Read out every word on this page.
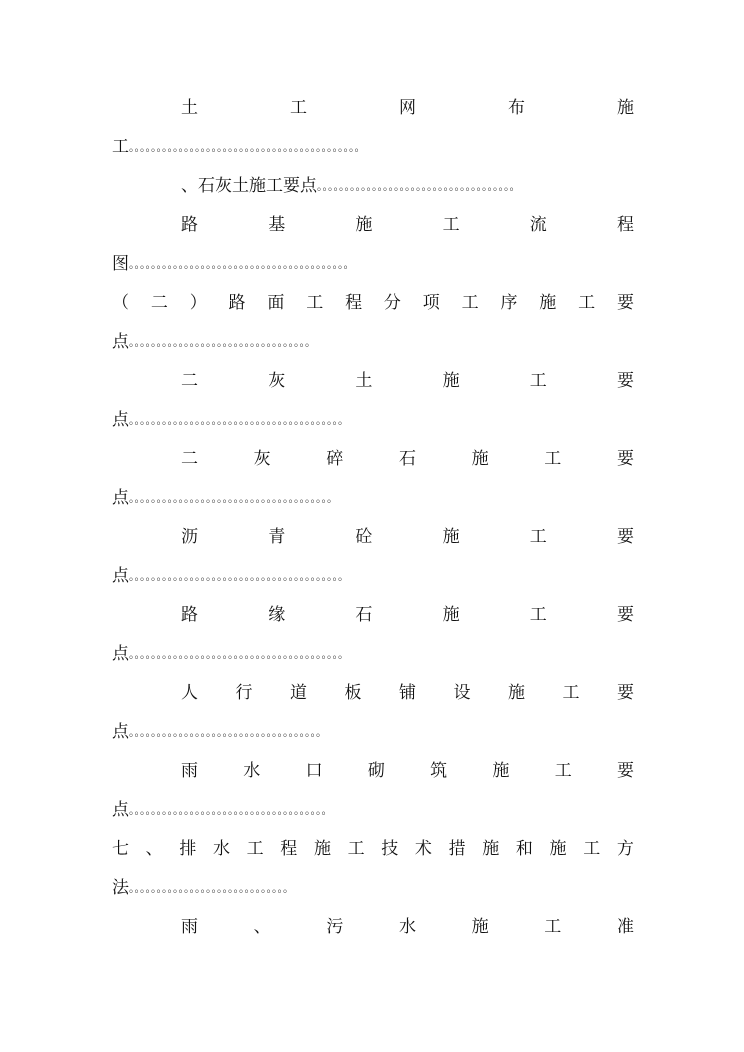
土	工	网	布	施
工。。。。。。。。。。。。。。。。。。。。。。。。。。。。。。。。。。。。。。。。。。
、石灰土施工要点。。。。。。。。。。。。。。。。。。。。。。。。。。。。。。。。。。。。
路	基	施	工	流	程
图。。。。。。。。。。。。。。。。。。。。。。。。。。。。。。。。。。。。。。。。
（ 二 ） 路 面 工 程 分 项 工 序 施 工 要
点。。。。。。。。。。。。。。。。。。。。。。。。。。。。。。。。。
二	灰	土	施	工	要
点。。。。。。。。。。。。。。。。。。。。。。。。。。。。。。。。。。。。。。。
二	灰	碎	石	施	工	要
点。。。。。。。。。。。。。。。。。。。。。。。。。。。。。。。。。。。。。
沥	青	砼	施	工	要
点。。。。。。。。。。。。。。。。。。。。。。。。。。。。。。。。。。。。。。。
路	缘	石	施	工	要
点。。。。。。。。。。。。。。。。。。。。。。。。。。。。。。。。。。。。。。。
人 行 道 板 铺 设 施 工 要
点。。。。。。。。。。。。。。。。。。。。。。。。。。。。。。。。。。。
雨	水	口	砌	筑	施	工	要
点。。。。。。。。。。。。。。。。。。。。。。。。。。。。。。。。。。。。
七 、 排 水 工 程 施 工 技 术 措 施 和 施 工 方
法。。。。。。。。。。。。。。。。。。。。。。。。。。。。。
雨	、	污	水	施	工	准
